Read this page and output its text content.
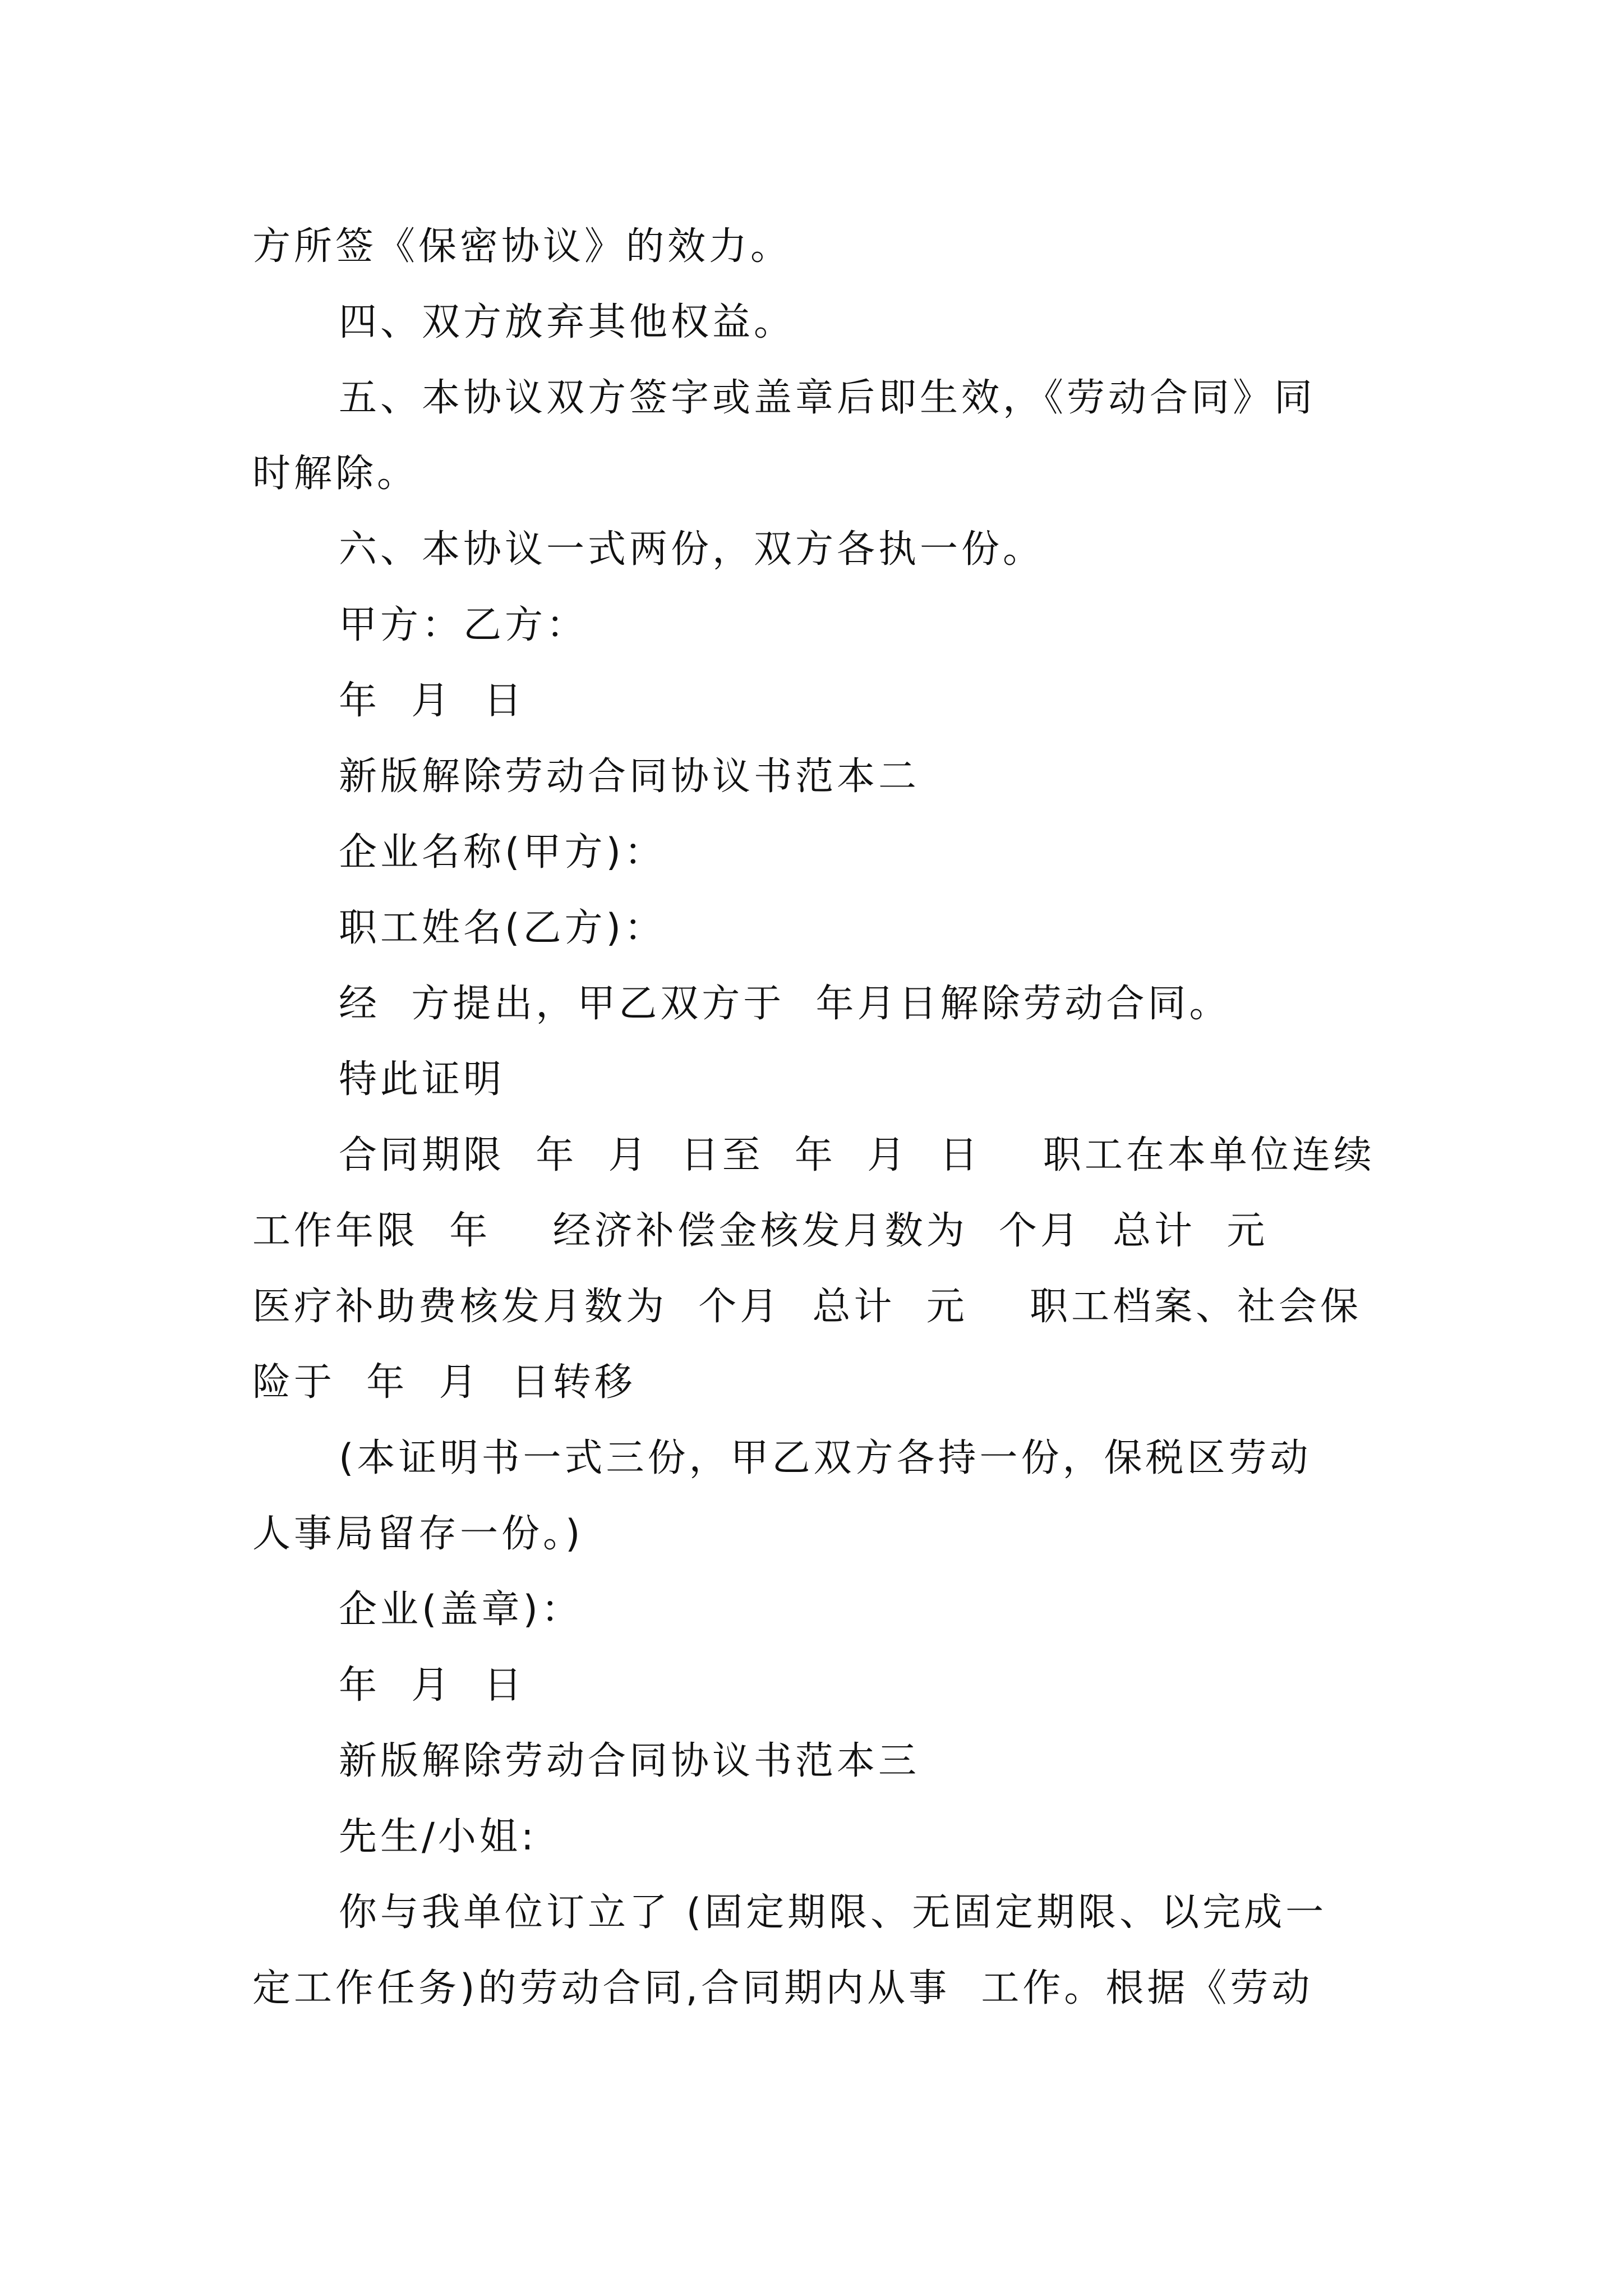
方所签《保密协议》的效力。
四、双方放弃其他权益。
五、本协议双方签字或盖章后即生效，《劳动合同》同
时解除。
六、本协议一式两份，双方各执一份。
甲方：乙方：
年  月  日
新版解除劳动合同协议书范本二
企业名称(甲方)：
职工姓名(乙方)：
经  方提出，甲乙双方于  年月日解除劳动合同。
特此证明
合同期限  年  月  日至  年  月  日    职工在本单位连续
工作年限  年    经济补偿金核发月数为  个月  总计  元
医疗补助费核发月数为  个月  总计  元    职工档案、社会保
险于  年  月  日转移
(本证明书一式三份，甲乙双方各持一份，保税区劳动
人事局留存一份。)
企业(盖章)：
年  月  日
新版解除劳动合同协议书范本三
先生/小姐:
你与我单位订立了 (固定期限、无固定期限、以完成一
定工作任务)的劳动合同,合同期内从事  工作。根据《劳动
